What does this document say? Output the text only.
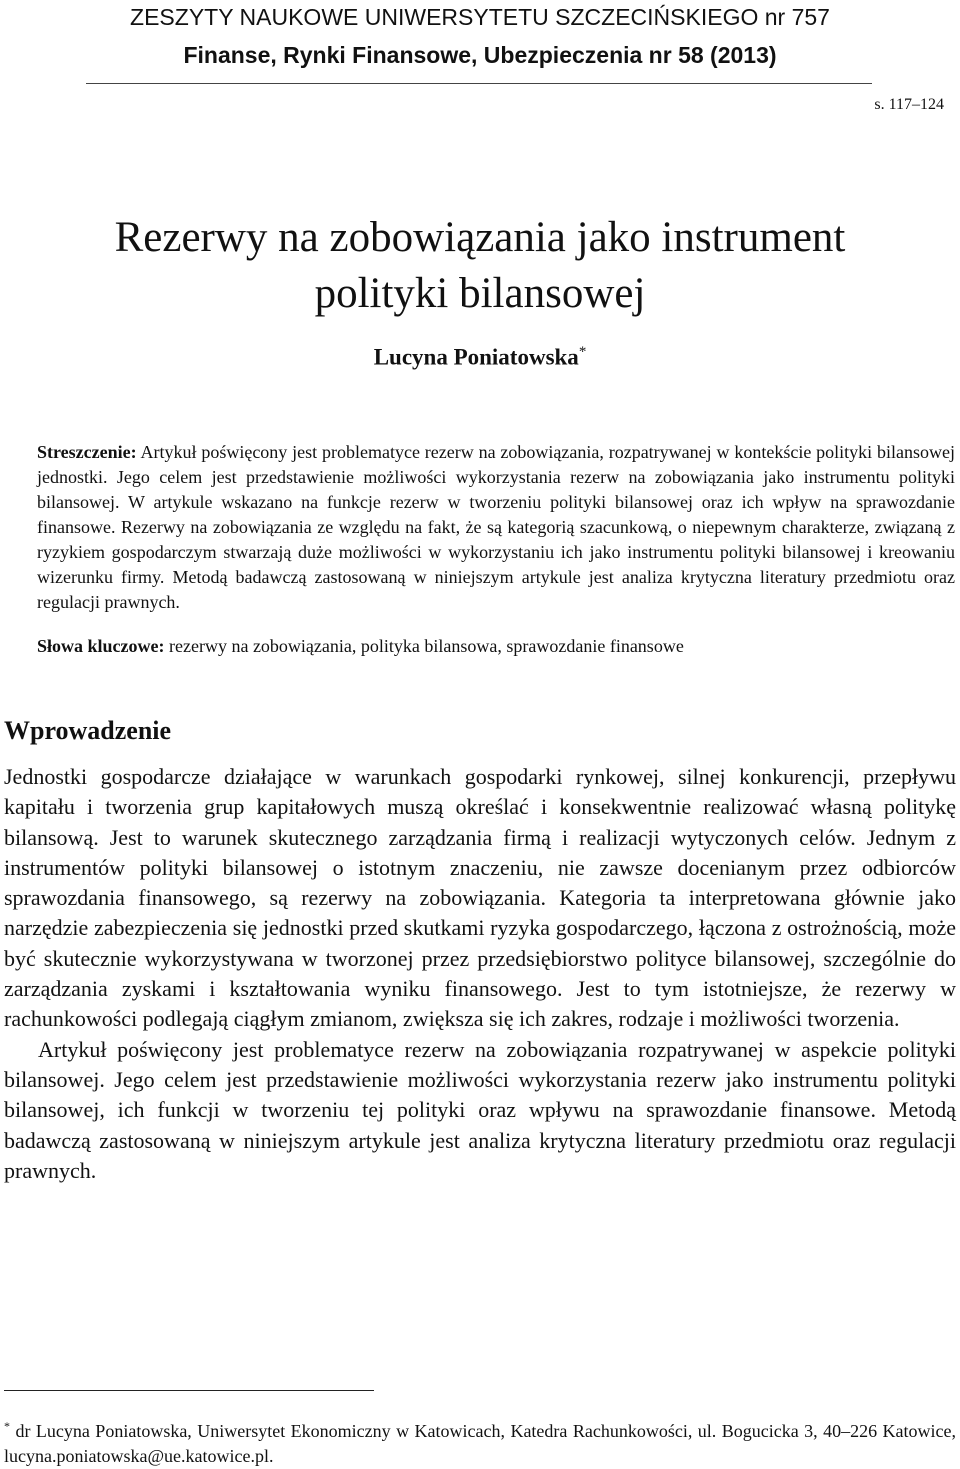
ZESZYTY NAUKOWE UNIWERSYTETU SZCZECIŃSKIEGO nr 757
Finanse, Rynki Finansowe, Ubezpieczenia nr 58 (2013)
s. 117–124
Rezerwy na zobowiązania jako instrument
polityki bilansowej
Lucyna Poniatowska*
Streszczenie: Artykuł poświęcony jest problematyce rezerw na zobowiązania, rozpatrywanej w kontekście polityki bilansowej jednostki. Jego celem jest przedstawienie możliwości wykorzystania rezerw na zobowiązania jako instrumentu polityki bilansowej. W artykule wskazano na funkcje rezerw w tworzeniu polityki bilansowej oraz ich wpływ na sprawozdanie finansowe. Rezerwy na zobowiązania ze względu na fakt, że są kategorią szacunkową, o niepewnym charakterze, związaną z ryzykiem gospodarczym stwarzają duże możliwości w wykorzystaniu ich jako instrumentu polityki bilansowej i kreowaniu wizerunku firmy. Metodą badawczą zastosowaną w niniejszym artykule jest analiza krytyczna literatury przedmiotu oraz regulacji prawnych.
Słowa kluczowe: rezerwy na zobowiązania, polityka bilansowa, sprawozdanie finansowe
Wprowadzenie

Jednostki gospodarcze działające w warunkach gospodarki rynkowej, silnej konkurencji, przepływu kapitału i tworzenia grup kapitałowych muszą określać i konsekwentnie realizować własną politykę bilansową. Jest to warunek skutecznego zarządzania firmą i realizacji wytyczonych celów. Jednym z instrumentów polityki bilansowej o istotnym znaczeniu, nie zawsze docenianym przez odbiorców sprawozdania finansowego, są rezerwy na zobowiązania. Kategoria ta interpretowana głównie jako narzędzie zabezpieczenia się jednostki przed skutkami ryzyka gospodarczego, łączona z ostrożnością, może być skutecznie wykorzystywana w tworzonej przez przedsiębiorstwo polityce bilansowej, szczególnie do zarządzania zyskami i kształtowania wyniku finansowego. Jest to tym istotniejsze, że rezerwy w rachunkowości podlegają ciągłym zmianom, zwiększa się ich zakres, rodzaje i możliwości tworzenia.

Artykuł poświęcony jest problematyce rezerw na zobowiązania rozpatrywanej w aspekcie polityki bilansowej. Jego celem jest przedstawienie możliwości wykorzystania rezerw jako instrumentu polityki bilansowej, ich funkcji w tworzeniu tej polityki oraz wpływu na sprawozdanie finansowe. Metodą badawczą zastosowaną w niniejszym artykule jest analiza krytyczna literatury przedmiotu oraz regulacji prawnych.

* dr Lucyna Poniatowska, Uniwersytet Ekonomiczny w Katowicach, Katedra Rachunkowości, ul. Bogucicka 3, 40–226 Katowice, lucyna.poniatowska@ue.katowice.pl.
